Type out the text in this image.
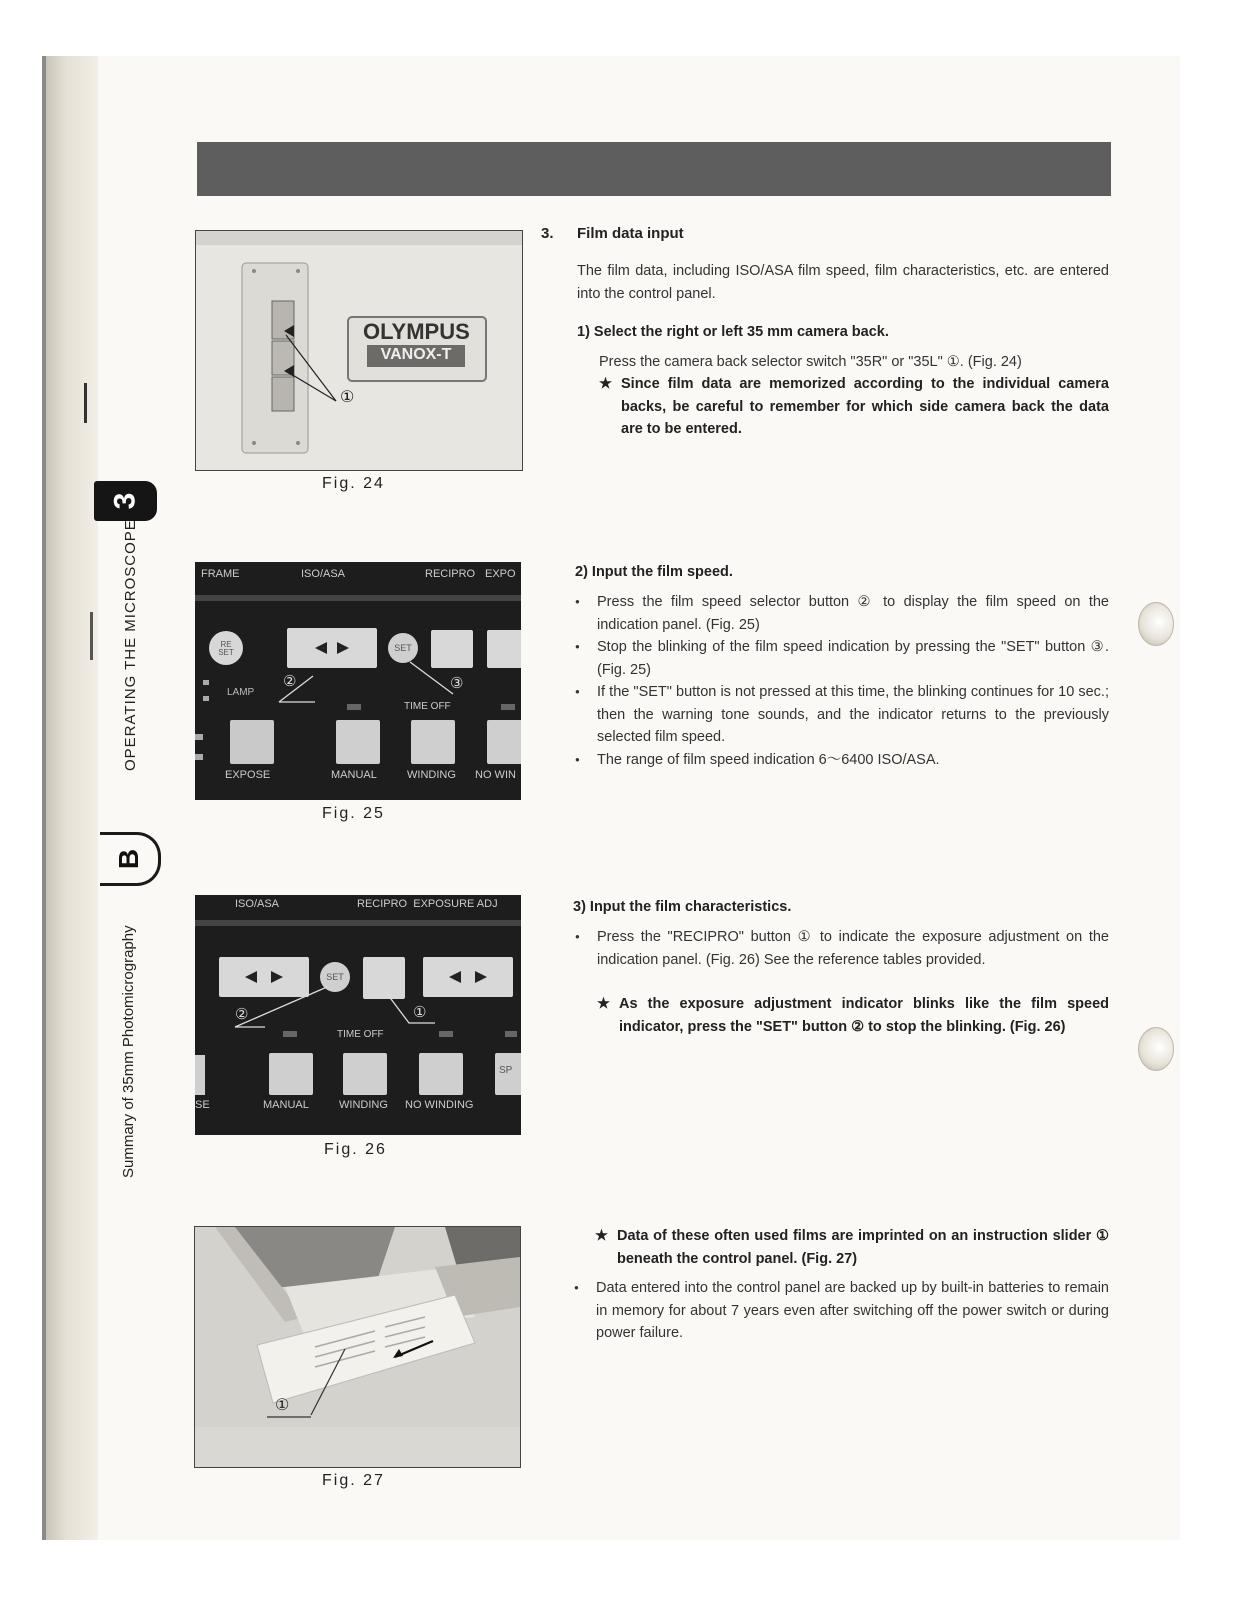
3
B
OPERATING THE MICROSCOPE
Summary of 35mm Photomicrography
OLYMPUS
VANOX-T
①
Fig. 24
FRAME	ISO/ASA	RECIPRO EXPO
RE SET	SET
LAMP
TIME OFF
EXPOSE	MANUAL	WINDING NO WIN
②	③
Fig. 25
ISO/ASA	RECIPRO  EXPOSURE ADJ
SET
TIME OFF
SE	MANUAL	WINDING NO WINDING
SP
②	①
Fig. 26
①
Fig. 27
3. Film data input
The film data, including ISO/ASA film speed, film characteristics, etc. are entered into the control panel.
1) Select the right or left 35 mm camera back.
Press the camera back selector switch "35R" or "35L" ①. (Fig. 24)
★ Since film data are memorized according to the individual camera backs, be careful to remember for which side camera back the data are to be entered.
2) Input the film speed.
● Press the film speed selector button ② to display the film speed on the indication panel. (Fig. 25)
● Stop the blinking of the film speed indication by pressing the "SET" button ③. (Fig. 25)
● If the "SET" button is not pressed at this time, the blinking continues for 10 sec.; then the warning tone sounds, and the indicator returns to the previously selected film speed.
● The range of film speed indication 6～6400 ISO/ASA.
3) Input the film characteristics.
● Press the "RECIPRO" button ① to indicate the exposure adjustment on the indication panel. (Fig. 26) See the reference tables provided.
★ As the exposure adjustment indicator blinks like the film speed indicator, press the "SET" button ② to stop the blinking. (Fig. 26)
★ Data of these often used films are imprinted on an instruction slider ① beneath the control panel. (Fig. 27)
● Data entered into the control panel are backed up by built-in batteries to remain in memory for about 7 years even after switching off the power switch or during power failure.
